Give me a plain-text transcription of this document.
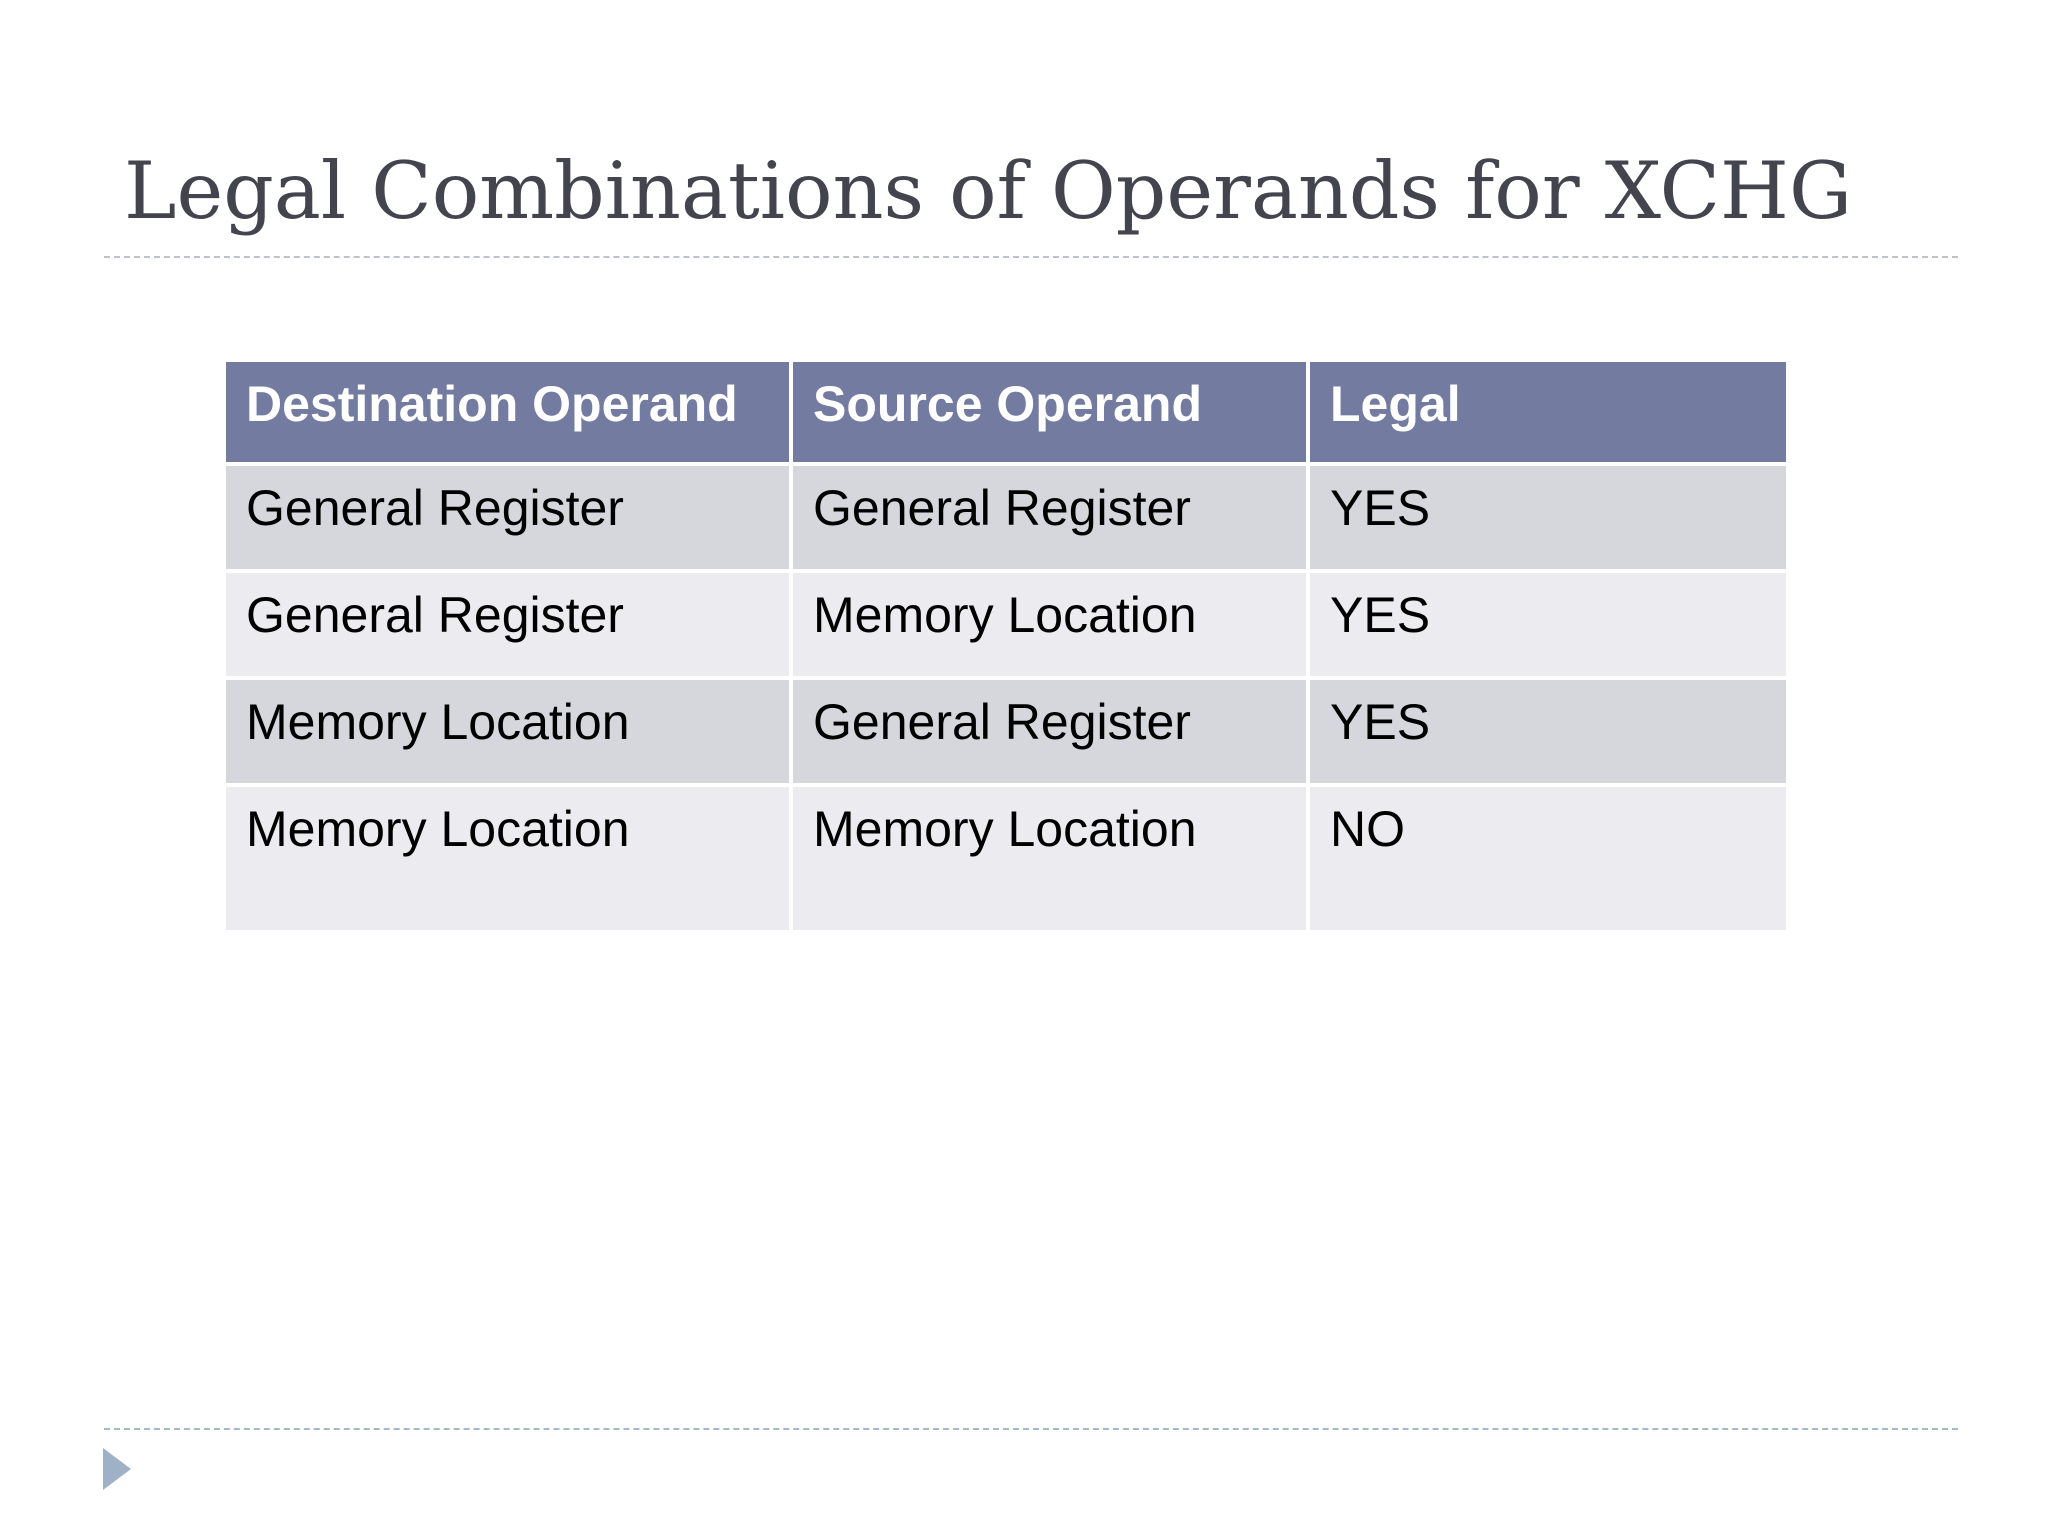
Legal Combinations of Operands for XCHG
Destination Operand	Source Operand	Legal
General Register	General Register	YES
General Register	Memory Location	YES
Memory Location	General Register	YES
Memory Location	Memory Location	NO
